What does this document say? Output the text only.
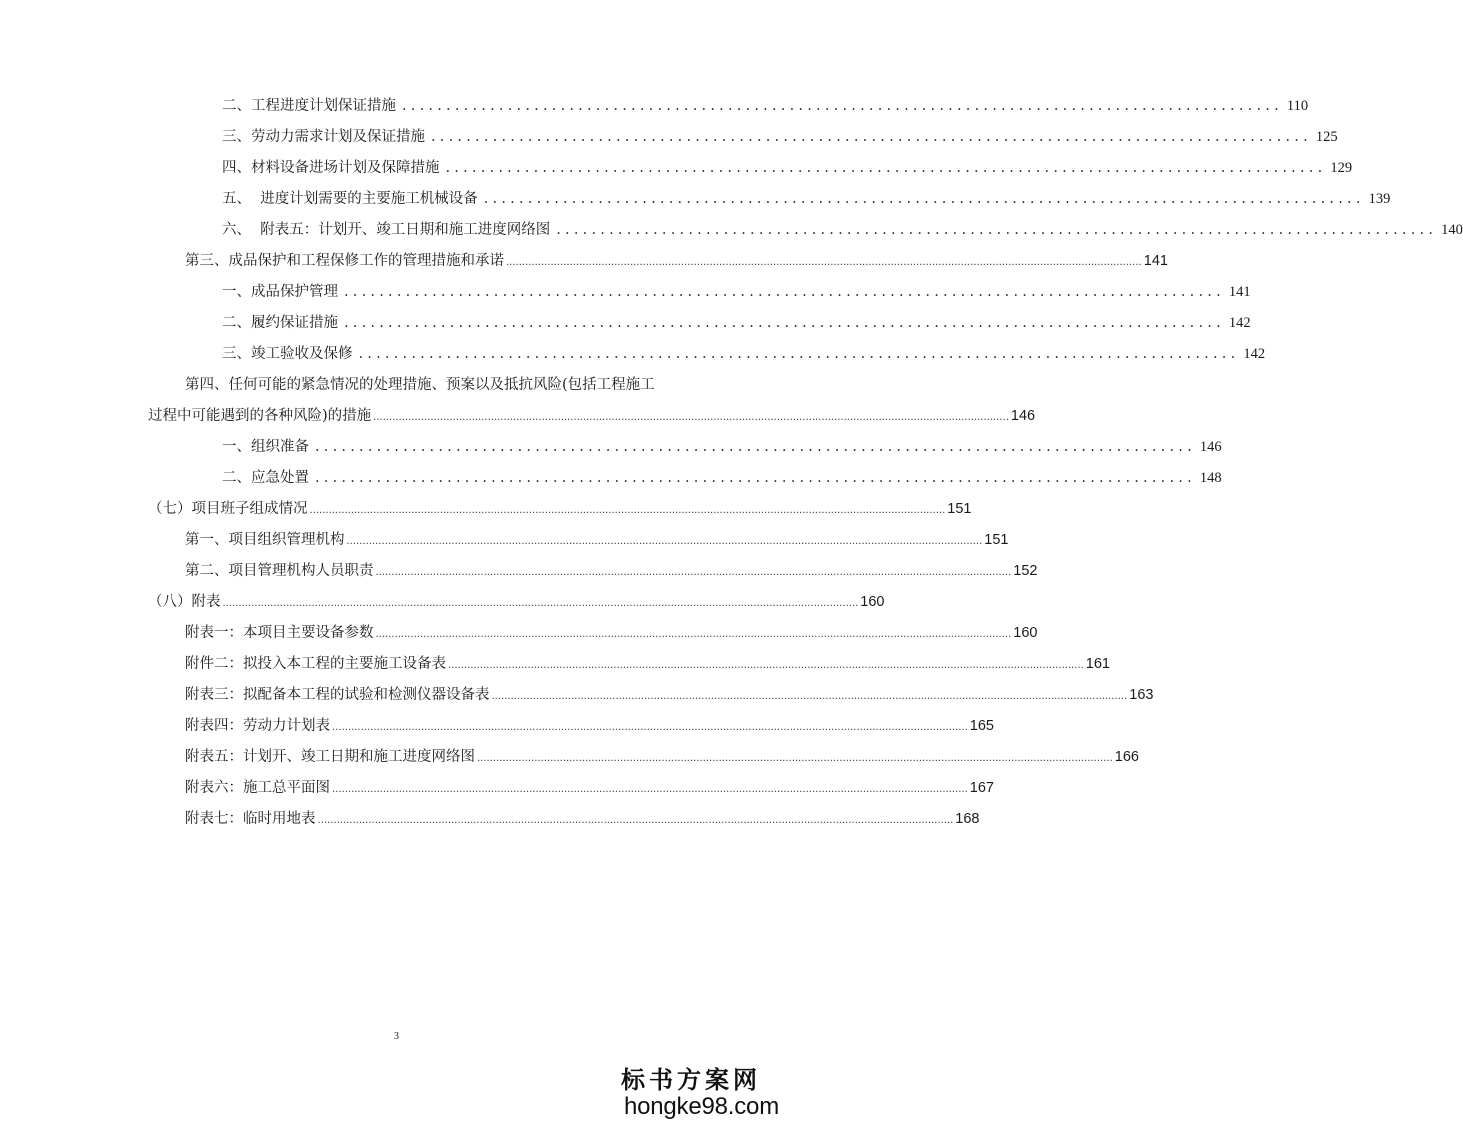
二、工程进度计划保证措施 .................................................................................................... 110
三、劳动力需求计划及保证措施 .................................................................................................... 125
四、材料设备进场计划及保障措施 .................................................................................................... 129
五、  进度计划需要的主要施工机械设备 .................................................................................................... 139
六、  附表五：计划开、竣工日期和施工进度网络图 .................................................................................................... 140
第三、成品保护和工程保修工作的管理措施和承诺 ........................................................................................................................................................................................................ 141
一、成品保护管理 .................................................................................................... 141
二、履约保证措施 .................................................................................................... 142
三、竣工验收及保修 .................................................................................................... 142
第四、任何可能的紧急情况的处理措施、预案以及抵抗风险(包括工程施工
过程中可能遇到的各种风险)的措施 ........................................................................................................................................................................................................ 146
一、组织准备 .................................................................................................... 146
二、应急处置 .................................................................................................... 148
（七）项目班子组成情况 ........................................................................................................................................................................................................ 151
第一、项目组织管理机构 ........................................................................................................................................................................................................ 151
第二、项目管理机构人员职责 ........................................................................................................................................................................................................ 152
（八）附表 ........................................................................................................................................................................................................ 160
附表一：本项目主要设备参数 ........................................................................................................................................................................................................ 160
附件二：拟投入本工程的主要施工设备表 ........................................................................................................................................................................................................ 161
附表三：拟配备本工程的试验和检测仪器设备表 ........................................................................................................................................................................................................ 163
附表四：劳动力计划表 ........................................................................................................................................................................................................ 165
附表五：计划开、竣工日期和施工进度网络图 ........................................................................................................................................................................................................ 166
附表六：施工总平面图 ........................................................................................................................................................................................................ 167
附表七：临时用地表 ........................................................................................................................................................................................................ 168
3
标书方案网
hongke98.com
